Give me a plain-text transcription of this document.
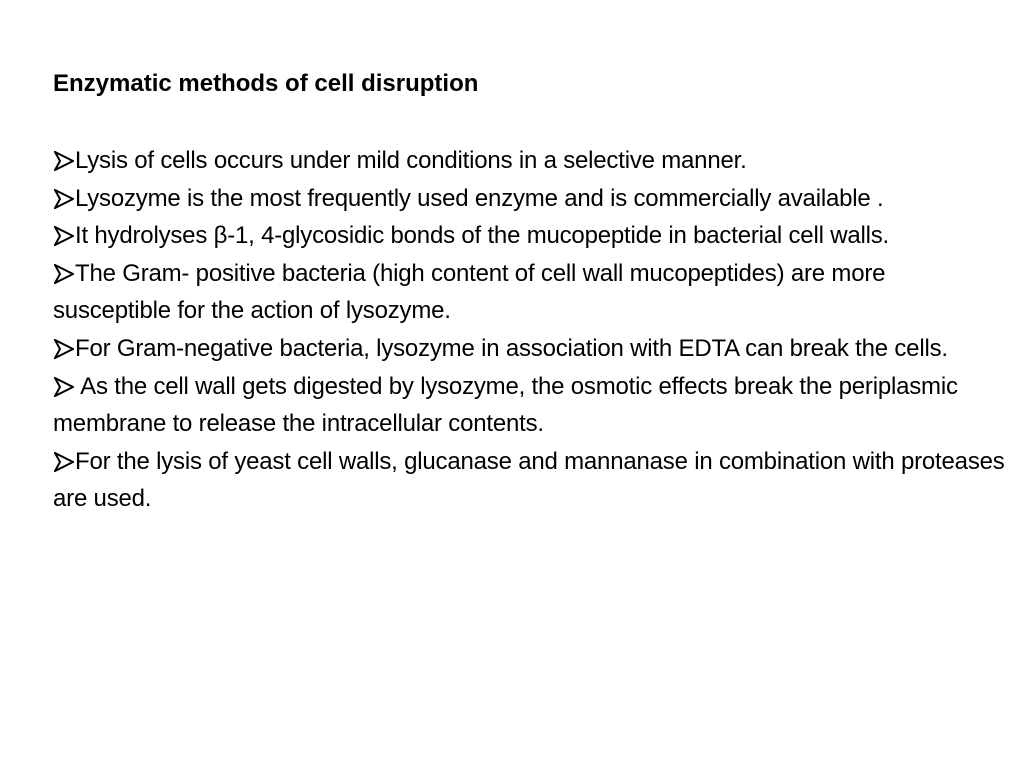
Enzymatic methods of cell disruption
Lysis of cells occurs under mild conditions in a selective manner.
Lysozyme is the most frequently used enzyme and is commercially available .
It hydrolyses β-1, 4-glycosidic bonds of the mucopeptide in bacterial cell walls.
The Gram- positive bacteria (high content of cell wall mucopeptides) are more susceptible for the action of lysozyme.
For Gram-negative bacteria, lysozyme in association with EDTA can break the cells.
As the cell wall gets digested by lysozyme, the osmotic effects break the periplasmic membrane to release the intracellular contents.
For the lysis of yeast cell walls, glucanase and mannanase in combination with proteases are used.
